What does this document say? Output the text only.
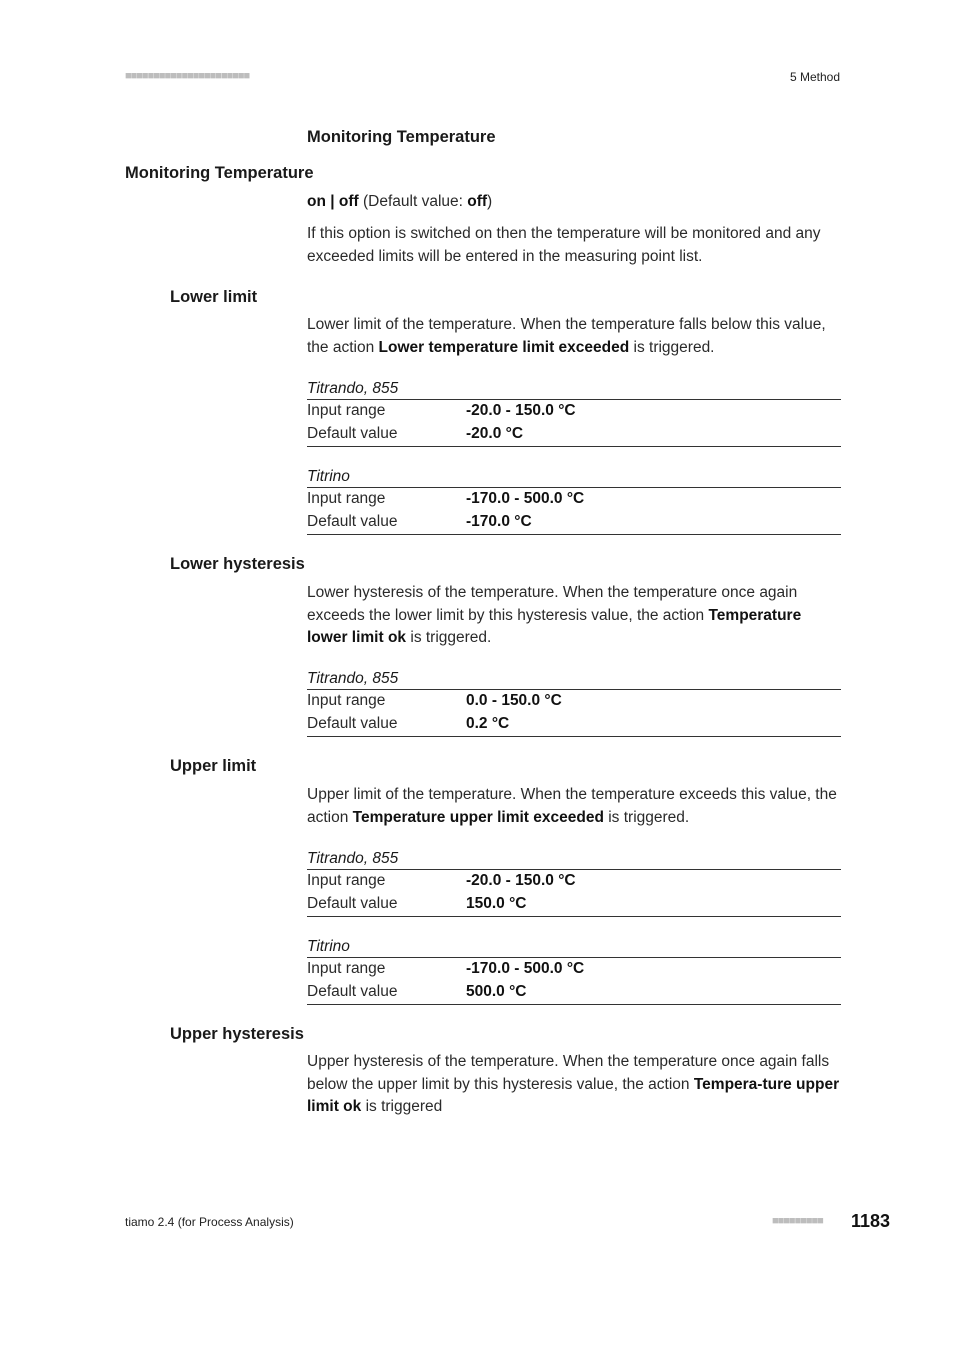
■■■■■■■■■■■■■■■■■■■■■■	5 Method
Monitoring Temperature
Monitoring Temperature
on | off (Default value: off)
If this option is switched on then the temperature will be monitored and any exceeded limits will be entered in the measuring point list.
Lower limit
Lower limit of the temperature. When the temperature falls below this value, the action Lower temperature limit exceeded is triggered.
Titrando, 855
Input range	-20.0 - 150.0 °C
Default value	-20.0 °C
Titrino
Input range	-170.0 - 500.0 °C
Default value	-170.0 °C
Lower hysteresis
Lower hysteresis of the temperature. When the temperature once again exceeds the lower limit by this hysteresis value, the action Temperature lower limit ok is triggered.
Titrando, 855
Input range	0.0 - 150.0 °C
Default value	0.2 °C
Upper limit
Upper limit of the temperature. When the temperature exceeds this value, the action Temperature upper limit exceeded is triggered.
Titrando, 855
Input range	-20.0 - 150.0 °C
Default value	150.0 °C
Titrino
Input range	-170.0 - 500.0 °C
Default value	500.0 °C
Upper hysteresis
Upper hysteresis of the temperature. When the temperature once again falls below the upper limit by this hysteresis value, the action Tempera-ture upper limit ok is triggered
tiamo 2.4 (for Process Analysis)	■■■■■■■■■ 1183
